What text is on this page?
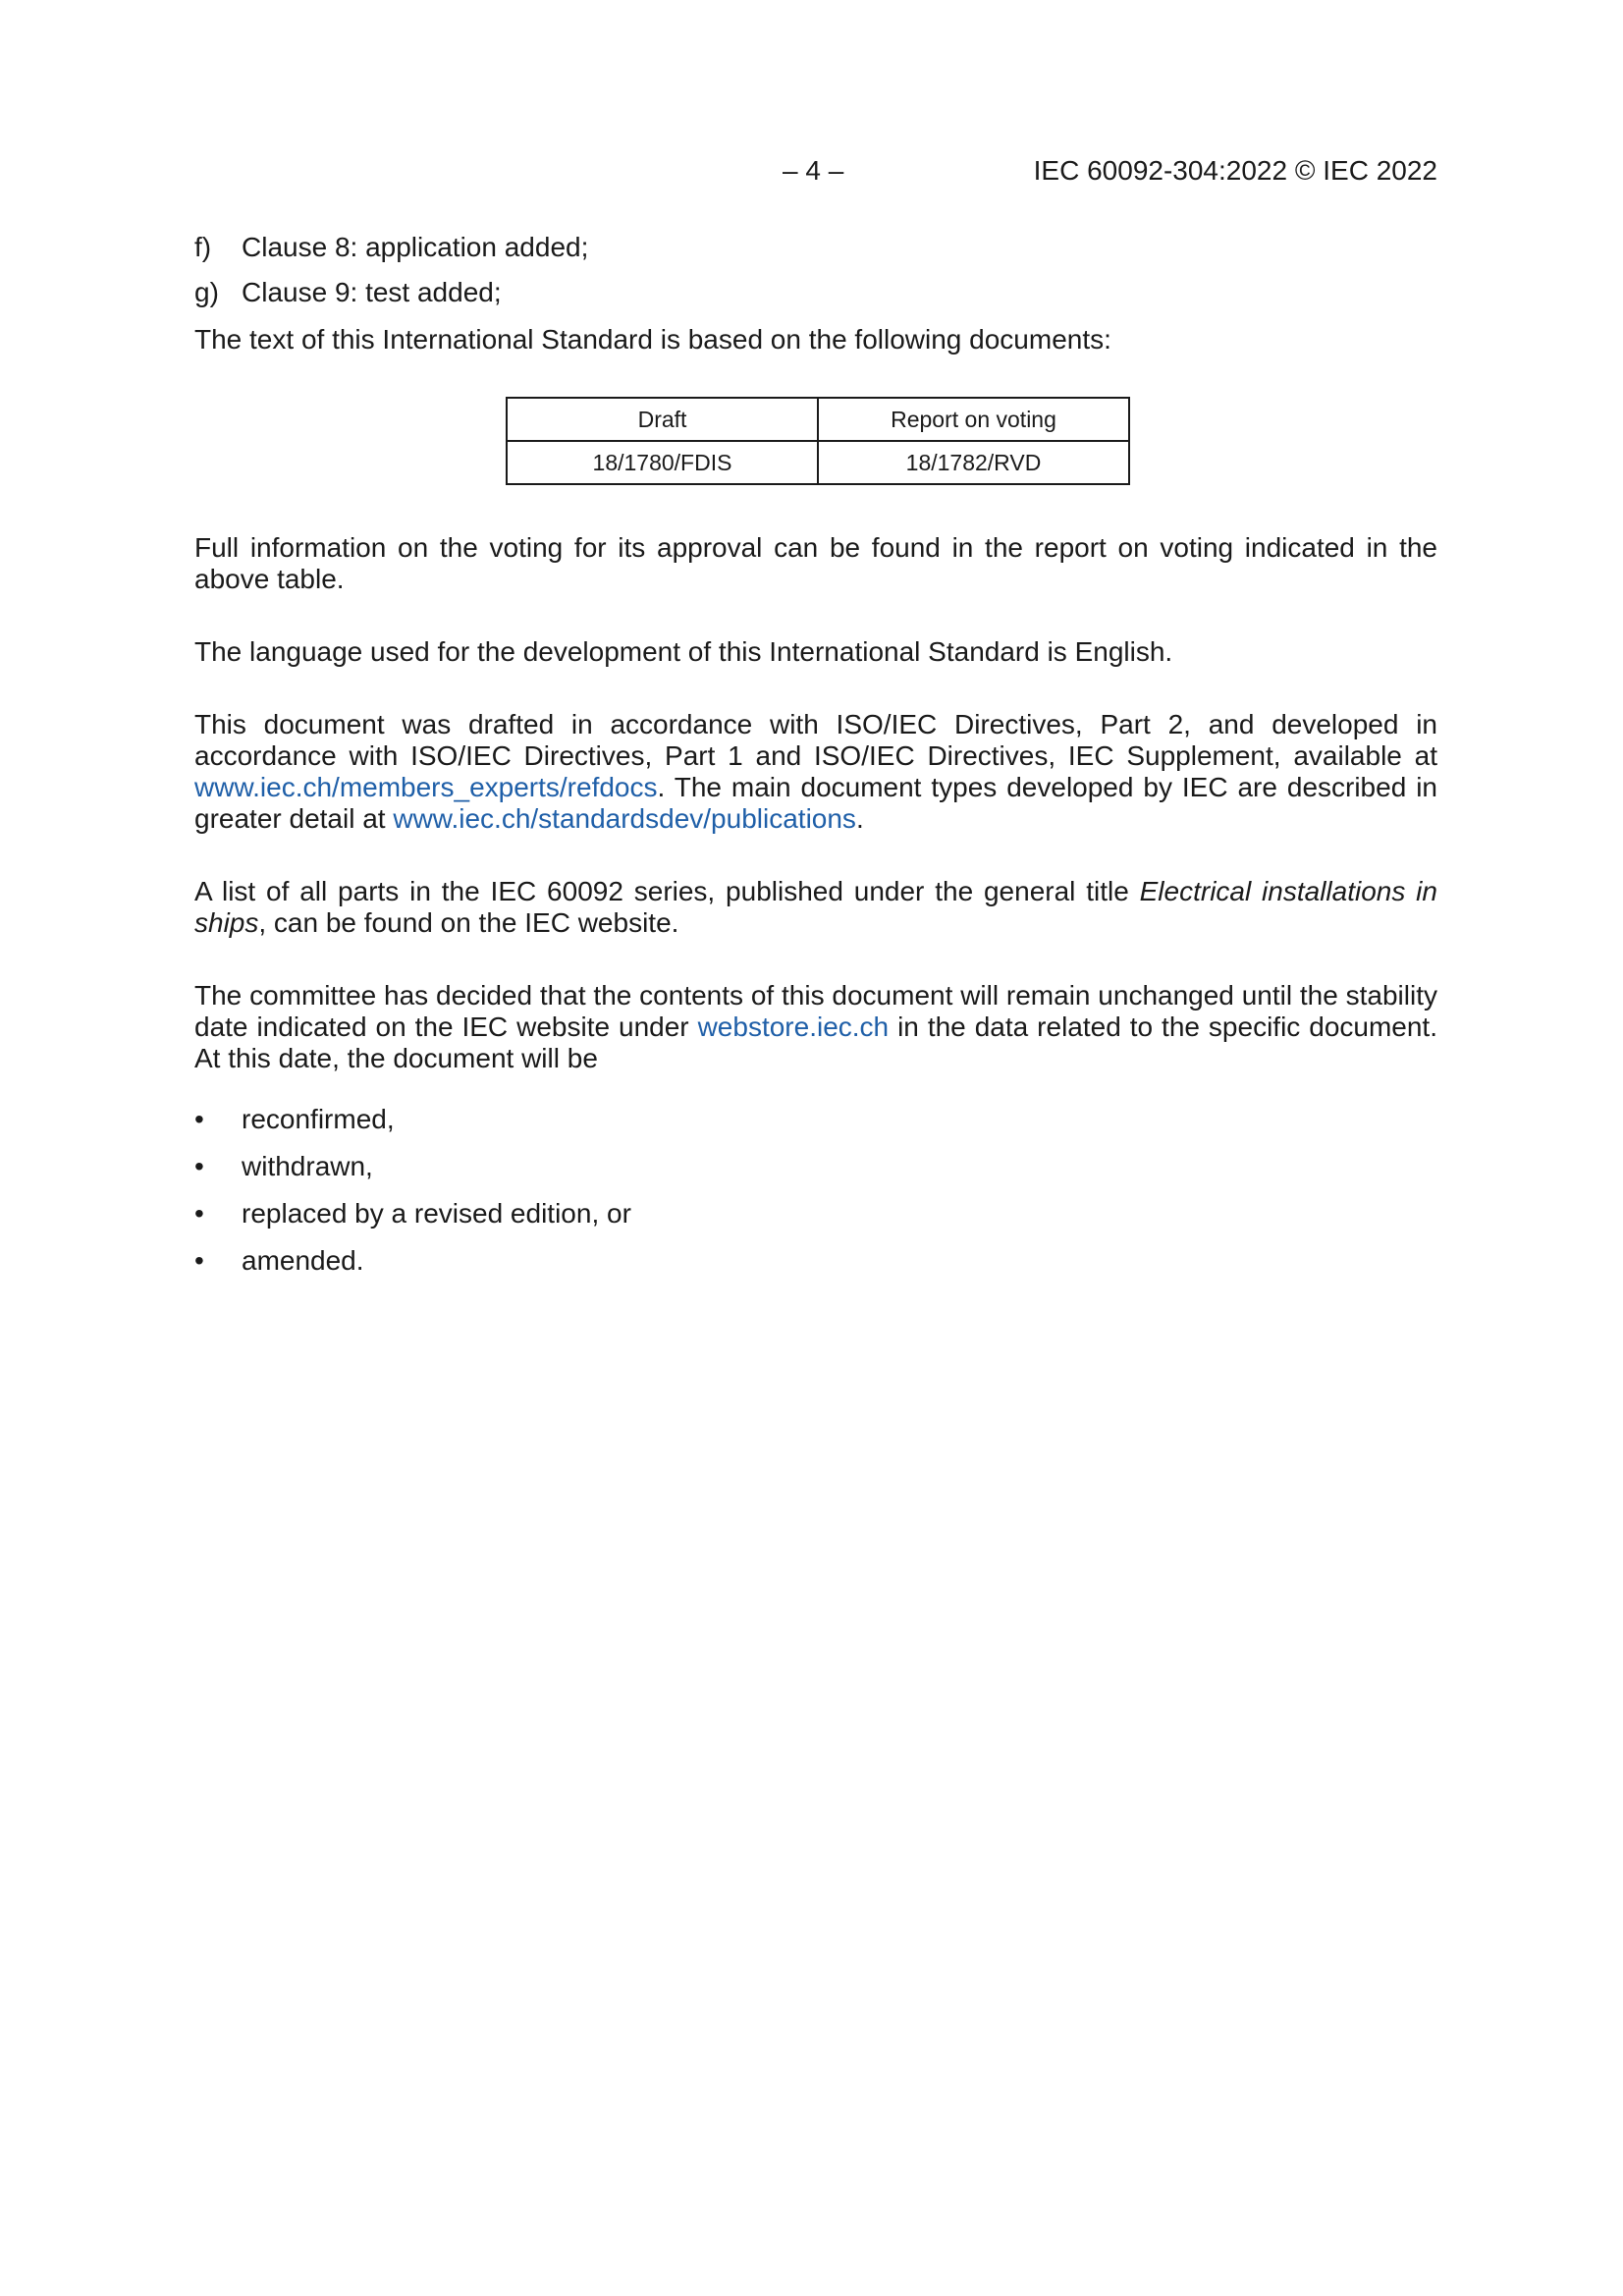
– 4 –	IEC 60092-304:2022 © IEC 2022
f) Clause 8: application added;
g) Clause 9: test added;

The text of this International Standard is based on the following documents:

Draft	Report on voting
18/1780/FDIS	18/1782/RVD

Full information on the voting for its approval can be found in the report on voting indicated in the above table.

The language used for the development of this International Standard is English.

This document was drafted in accordance with ISO/IEC Directives, Part 2, and developed in accordance with ISO/IEC Directives, Part 1 and ISO/IEC Directives, IEC Supplement, available at www.iec.ch/members_experts/refdocs. The main document types developed by IEC are described in greater detail at www.iec.ch/standardsdev/publications.

A list of all parts in the IEC 60092 series, published under the general title Electrical installations in ships, can be found on the IEC website.

The committee has decided that the contents of this document will remain unchanged until the stability date indicated on the IEC website under webstore.iec.ch in the data related to the specific document. At this date, the document will be

• reconfirmed,
• withdrawn,
• replaced by a revised edition, or
• amended.
